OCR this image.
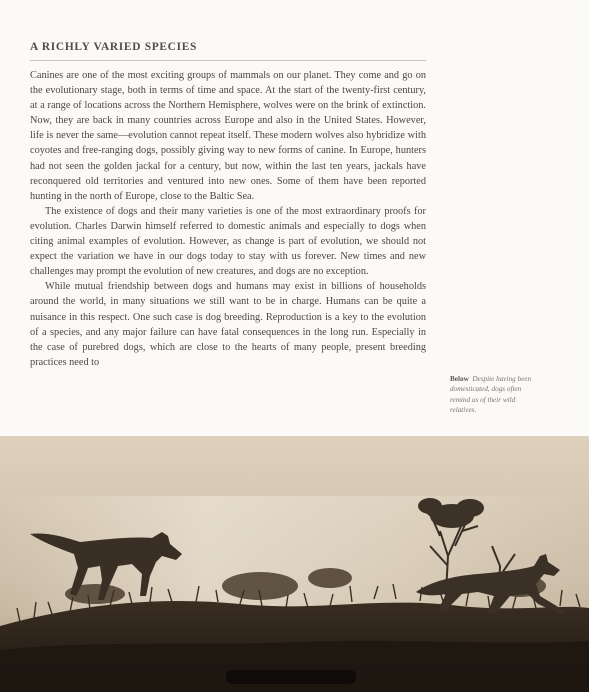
A RICHLY VARIED SPECIES

Canines are one of the most exciting groups of mammals on our planet. They come and go on the evolutionary stage, both in terms of time and space. At the start of the twenty-first century, at a range of locations across the Northern Hemisphere, wolves were on the brink of extinction. Now, they are back in many countries across Europe and also in the United States. However, life is never the same—evolution cannot repeat itself. These modern wolves also hybridize with coyotes and free-ranging dogs, possibly giving way to new forms of canine. In Europe, hunters had not seen the golden jackal for a century, but now, within the last ten years, jackals have reconquered old territories and ventured into new ones. Some of them have been reported hunting in the north of Europe, close to the Baltic Sea.

The existence of dogs and their many varieties is one of the most extraordinary proofs for evolution. Charles Darwin himself referred to domestic animals and especially to dogs when citing animal examples of evolution. However, as change is part of evolution, we should not expect the variation we have in our dogs today to stay with us forever. New times and new challenges may prompt the evolution of new creatures, and dogs are no exception.

While mutual friendship between dogs and humans may exist in billions of households around the world, in many situations we still want to be in charge. Humans can be quite a nuisance in this respect. One such case is dog breeding. Reproduction is a key to the evolution of a species, and any major failure can have fatal consequences in the long run. Especially in the case of purebred dogs, which are close to the hearts of many people, present breeding practices need to

Below Despite having been domesticated, dogs often remind us of their wild relatives.
